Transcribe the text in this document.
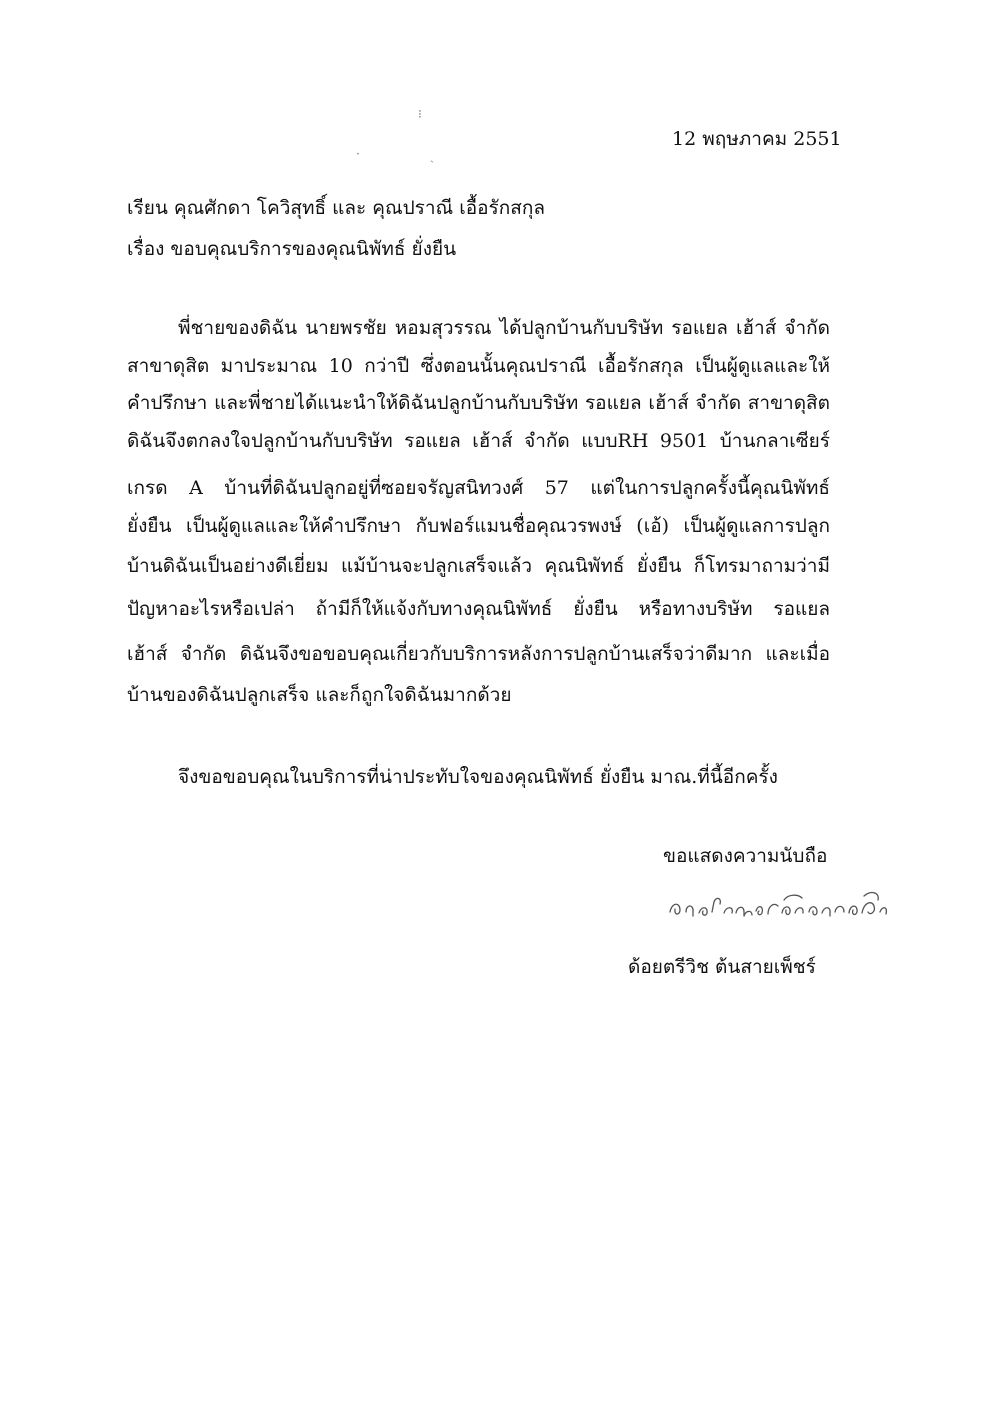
⁝
ˎ
·
12 พฤษภาคม 2551
เรียน คุณศักดา โควิสุทธิ์ และ คุณปราณี เอื้อรักสกุล
เรื่อง ขอบคุณบริการของคุณนิพัทธ์ ยั่งยืน
พี่ชายของดิฉัน นายพรชัย หอมสุวรรณ ได้ปลูกบ้านกับบริษัท รอแยล เฮ้าส์ จำกัด
สาขาดุสิต มาประมาณ 10 กว่าปี ซึ่งตอนนั้นคุณปราณี เอื้อรักสกุล เป็นผู้ดูแลและให้
คำปรึกษา และพี่ชายได้แนะนำให้ดิฉันปลูกบ้านกับบริษัท รอแยล เฮ้าส์ จำกัด สาขาดุสิต
ดิฉันจึงตกลงใจปลูกบ้านกับบริษัท รอแยล เฮ้าส์ จำกัด แบบRH 9501 บ้านกลาเซียร์
เกรด A บ้านที่ดิฉันปลูกอยู่ที่ซอยจรัญสนิทวงศ์ 57 แต่ในการปลูกครั้งนี้คุณนิพัทธ์
ยั่งยืน เป็นผู้ดูแลและให้คำปรึกษา กับฟอร์แมนชื่อคุณวรพงษ์ (เอ้) เป็นผู้ดูแลการปลูก
บ้านดิฉันเป็นอย่างดีเยี่ยม แม้บ้านจะปลูกเสร็จแล้ว คุณนิพัทธ์ ยั่งยืน ก็โทรมาถามว่ามี
ปัญหาอะไรหรือเปล่า ถ้ามีก็ให้แจ้งกับทางคุณนิพัทธ์ ยั่งยืน หรือทางบริษัท รอแยล
เฮ้าส์ จำกัด ดิฉันจึงขอขอบคุณเกี่ยวกับบริการหลังการปลูกบ้านเสร็จว่าดีมาก และเมื่อ
บ้านของดิฉันปลูกเสร็จ และก็ถูกใจดิฉันมากด้วย
จึงขอขอบคุณในบริการที่น่าประทับใจของคุณนิพัทธ์ ยั่งยืน มาณ.ที่นี้อีกครั้ง
ขอแสดงความนับถือ
ด้อยตรีวิช ต้นสายเพ็ชร์
